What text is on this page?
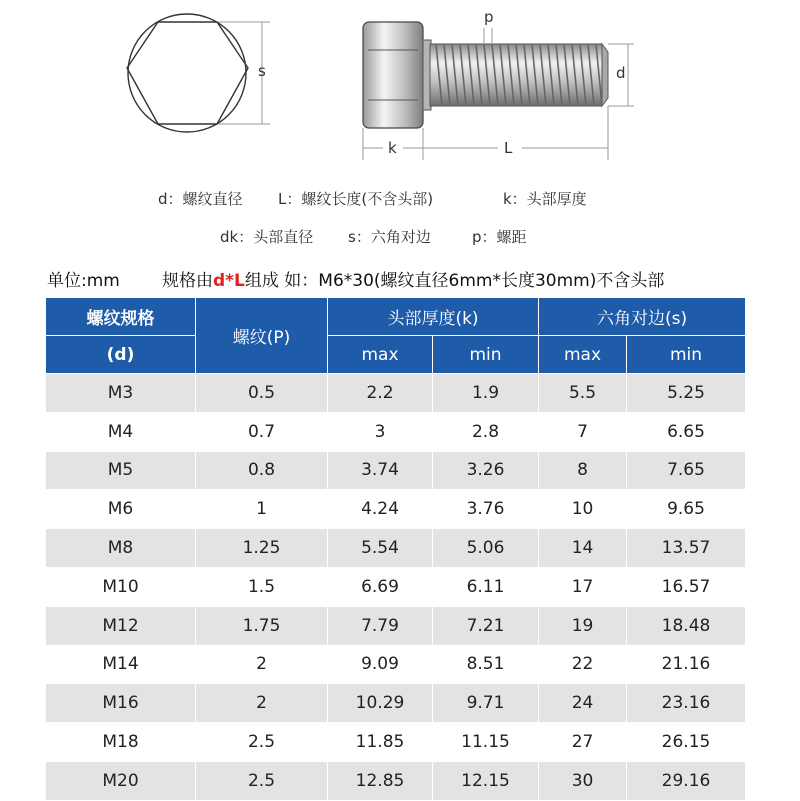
s
p
d
k	L
d：螺纹直径 L：螺纹长度(不含头部)	k：头部厚度
dk：头部直径 s：六角对边	p：螺距
单位:mm 规格由d*L组成 如：M6*30(螺纹直径6mm*长度30mm)不含头部
螺纹规格	螺纹(P)	头部厚度(k)		六角对边(s)	
(d)		max	min	max	min
M3	0.5	2.2	1.9	5.5	5.25
M4	0.7	3	2.8	7	6.65
M5	0.8	3.74	3.26	8	7.65
M6	1	4.24	3.76	10	9.65
M8	1.25	5.54	5.06	14	13.57
M10	1.5	6.69	6.11	17	16.57
M12	1.75	7.79	7.21	19	18.48
M14	2	9.09	8.51	22	21.16
M16	2	10.29	9.71	24	23.16
M18	2.5	11.85	11.15	27	26.15
M20	2.5	12.85	12.15	30	29.16
